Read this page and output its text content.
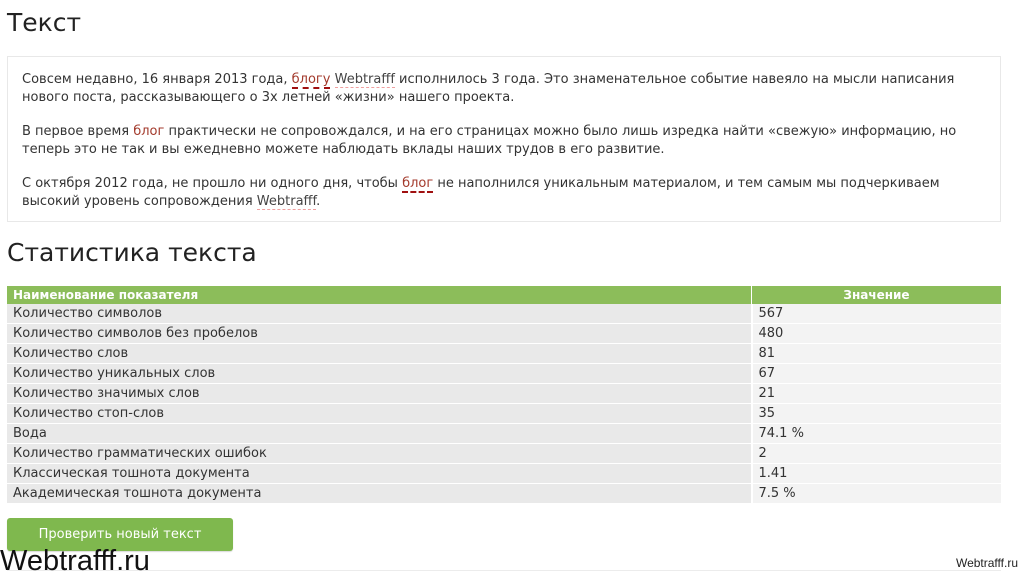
Текст

Совсем недавно, 16 января 2013 года, блогу Webtrafff исполнилось 3 года. Это знаменательное событие навеяло на мысли написания нового поста, рассказывающего о 3х летней «жизни» нашего проекта.

В первое время блог практически не сопровождался, и на его страницах можно было лишь изредка найти «свежую» информацию, но теперь это не так и вы ежедневно можете наблюдать вклады наших трудов в его развитие.

С октября 2012 года, не прошло ни одного дня, чтобы блог не наполнился уникальным материалом, и тем самым мы подчеркиваем высокий уровень сопровождения Webtrafff.

Статистика текста
Наименование показателя	Значение
Количество символов	567
Количество символов без пробелов	480
Количество слов	81
Количество уникальных слов	67
Количество значимых слов	21
Количество стоп-слов	35
Вода	74.1 %
Количество грамматических ошибок	2
Классическая тошнота документа	1.41
Академическая тошнота документа	7.5 %
Проверить новый текст
Webtrafff.ru	Webtrafff.ru
